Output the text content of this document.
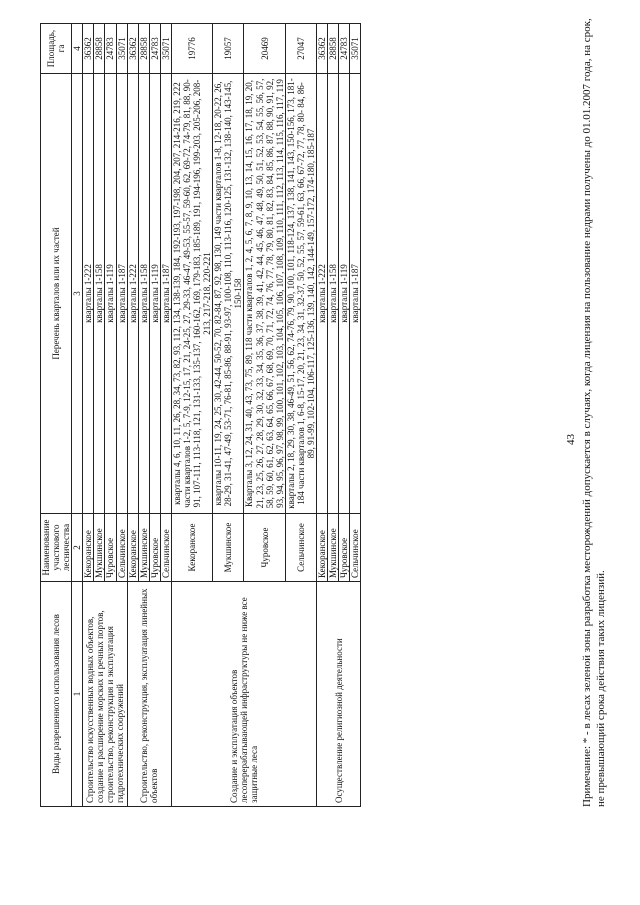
Виды разрешенного использования лесов	Наименование участкового лесничества	Перечень кварталов или их частей	Площадь, га
1	2	3	4
Строительство искусственных водных объектов, создание и расширение морских и речных портов, строительство, реконструкция и эксплуатация гидротехнических сооружений	Кекоранское	кварталы 1-222	36362
	Мукшинское	кварталы 1-158	28858
	Чуровское	кварталы 1-119	24783
	Сельчинское	кварталы 1-187	35071
Строительство, реконструкция, эксплуатация линейных объектов	Кекоранское	кварталы 1-222	36362
	Мукшинское	кварталы 1-158	28858
	Чуровское	кварталы 1-119	24783
	Сельчинское	кварталы 1-187	35071
Создание и эксплуатация объектов лесоперерабатывающей инфраструктуры не ниже все защитные леса	Кекоранское	кварталы 4, 6, 10, 11, 26, 28, 34, 73, 82, 93, 112, 134, 138-139, 184, 192-193, 197-198, 204, 207, 214-216, 219, 222 части кварталов 1-2, 5, 7-9, 12-15, 17, 21, 24-25, 27, 29-33, 46-47, 49-53, 55-57, 59-60, 62, 69-72, 74-79, 81, 88, 90-91, 107-111, 113-118, 121, 131-133, 135-137, 160-162, 169, 179-183, 185-189, 191, 194-196, 199-203, 205-206, 208-213, 217-218, 220-221	19776
	Мукшинское	кварталы 10-11, 19, 24, 25, 30, 42-44, 50-52, 70, 82-84, 87, 92, 98, 130, 149 части кварталов 1-8, 12-18, 20-22, 26, 28-29, 31-41, 47-49, 53-71, 76-81, 85-86, 88-91, 93-97, 100-108, 110, 113-116, 120-125, 131-132, 138-140, 143-145, 150-158	19057
	Чуровское	Кварталы 3, 12, 24, 31, 40, 43, 73, 75, 89, 118 части кварталов 1, 2, 4, 5, 6, 7, 8, 9, 10, 13, 14, 15, 16, 17, 18, 19, 20, 21, 23, 25, 26, 27, 28, 29, 30, 32, 33, 34, 35, 36, 37, 38, 39, 41, 42, 44, 45, 46, 47, 48, 49, 50, 51, 52, 53, 54, 55, 56, 57, 58, 59, 60, 61, 62, 63, 64, 65, 66, 67, 68, 69, 70, 71, 72, 74, 76, 77, 78, 79, 80, 81, 82, 83, 84, 85, 86, 87, 88, 90, 91, 92, 93, 94, 95, 96, 97, 98, 99, 100, 101, 102, 103, 104, 105, 106, 107, 108, 109, 110, 111, 112, 113, 114, 115, 116, 117, 119	20469
	Сельчинское	кварталы 2, 18, 29, 30, 38, 46-49, 51, 56, 62, 74-76, 79, 90, 100, 101, 118-124, 137, 138, 141, 143, 150-156, 173, 181-184 части кварталов 1, 6-8, 15-17, 20, 21, 23, 34, 31, 32-37, 50, 52, 55, 57, 59-61, 63, 66, 67-72, 77, 78, 80- 84, 86-89, 91-99, 102-104, 106-117, 125-136, 139, 140, 142, 144-149, 157-172, 174-180, 185-187	27047
Осуществление религиозной деятельности	Кекоранское	кварталы 1-222	36362
	Мукшинское	кварталы 1-158	28858
	Чуровское	кварталы 1-119	24783
	Сельчинское	кварталы 1-187	35071
43 Примечание: * - в лесах зеленой зоны разработка месторождений допускается в случаях, когда лицензия на пользование недрами получены до 01.01.2007 года, на срок, не превышающий срока действия таких лицензий.
